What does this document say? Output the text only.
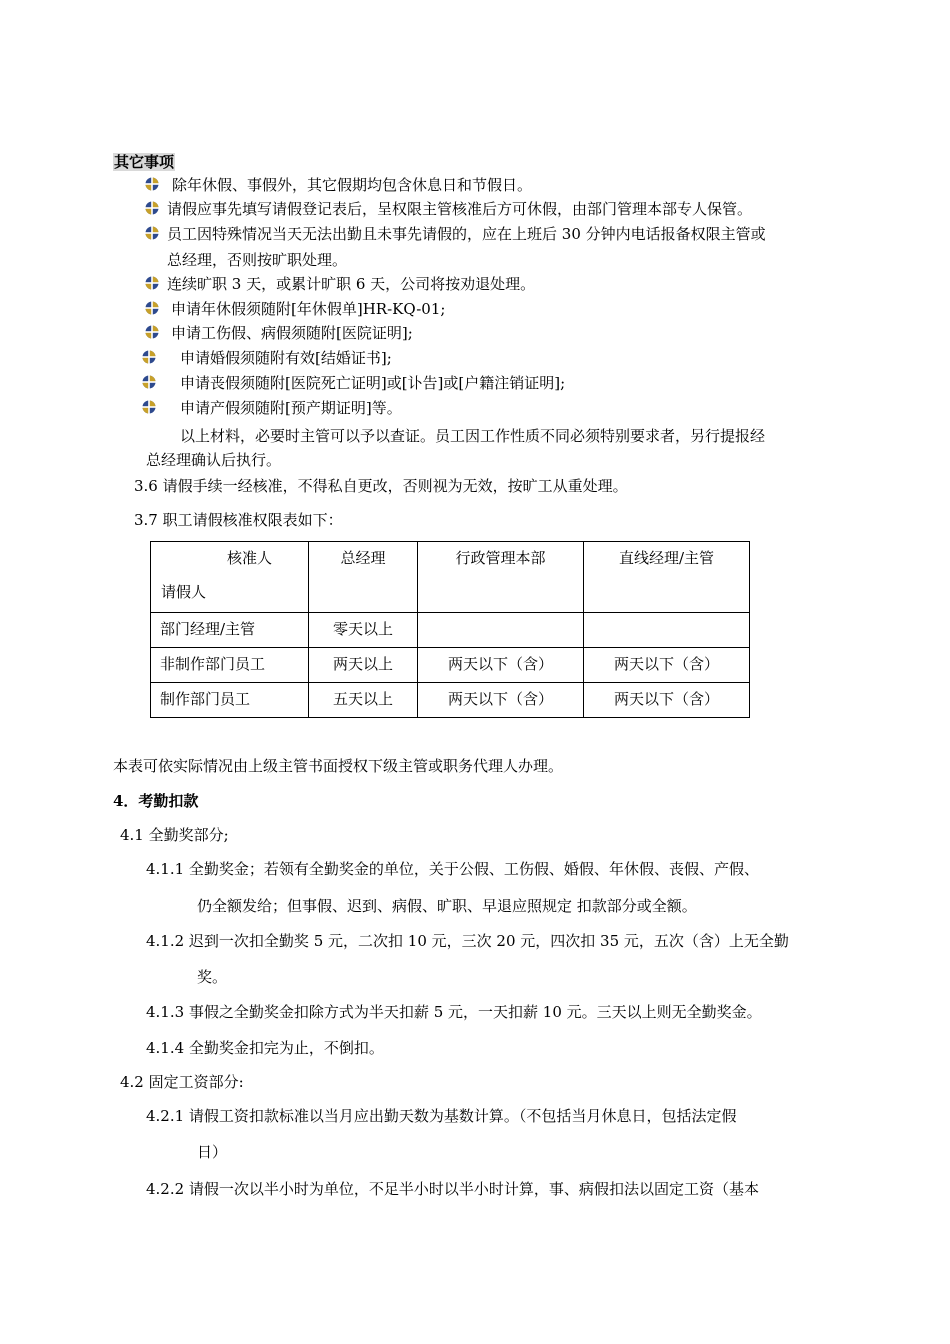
其它事项
除年休假、事假外，其它假期均包含休息日和节假日。
请假应事先填写请假登记表后，呈权限主管核准后方可休假，由部门管理本部专人保管。
员工因特殊情况当天无法出勤且未事先请假的，应在上班后 30 分钟内电话报备权限主管或
总经理，否则按旷职处理。
连续旷职 3 天，或累计旷职 6 天，公司将按劝退处理。
申请年休假须随附[年休假单]HR-KQ-01;
申请工伤假、病假须随附[医院证明];
申请婚假须随附有效[结婚证书];
申请丧假须随附[医院死亡证明]或[讣告]或[户籍注销证明];
申请产假须随附[预产期证明]等。
以上材料，必要时主管可以予以查证。员工因工作性质不同必须特别要求者，另行提报经
总经理确认后执行。
3.6 请假手续一经核准，不得私自更改，否则视为无效，按旷工从重处理。
3.7 职工请假核准权限表如下：
核准人
请假人	总经理	行政管理本部	直线经理/主管

部门经理/主管	零天以上		

非制作部门员工	两天以上	两天以下（含）	两天以下（含）

制作部门员工	五天以上	两天以下（含）	两天以下（含）
本表可依实际情况由上级主管书面授权下级主管或职务代理人办理。
4．考勤扣款
4.1 全勤奖部分;
4.1.1 全勤奖金；若领有全勤奖金的单位，关于公假、工伤假、婚假、年休假、丧假、产假、
仍全额发给；但事假、迟到、病假、旷职、早退应照规定 扣款部分或全额。
4.1.2 迟到一次扣全勤奖 5 元，二次扣 10 元，三次 20 元，四次扣 35 元，五次（含）上无全勤
奖。
4.1.3 事假之全勤奖金扣除方式为半天扣薪 5 元，一天扣薪 10 元。三天以上则无全勤奖金。
4.1.4 全勤奖金扣完为止，不倒扣。
4.2 固定工资部分:
4.2.1 请假工资扣款标准以当月应出勤天数为基数计算。（不包括当月休息日，包括法定假
日）
4.2.2 请假一次以半小时为单位，不足半小时以半小时计算，事、病假扣法以固定工资（基本
